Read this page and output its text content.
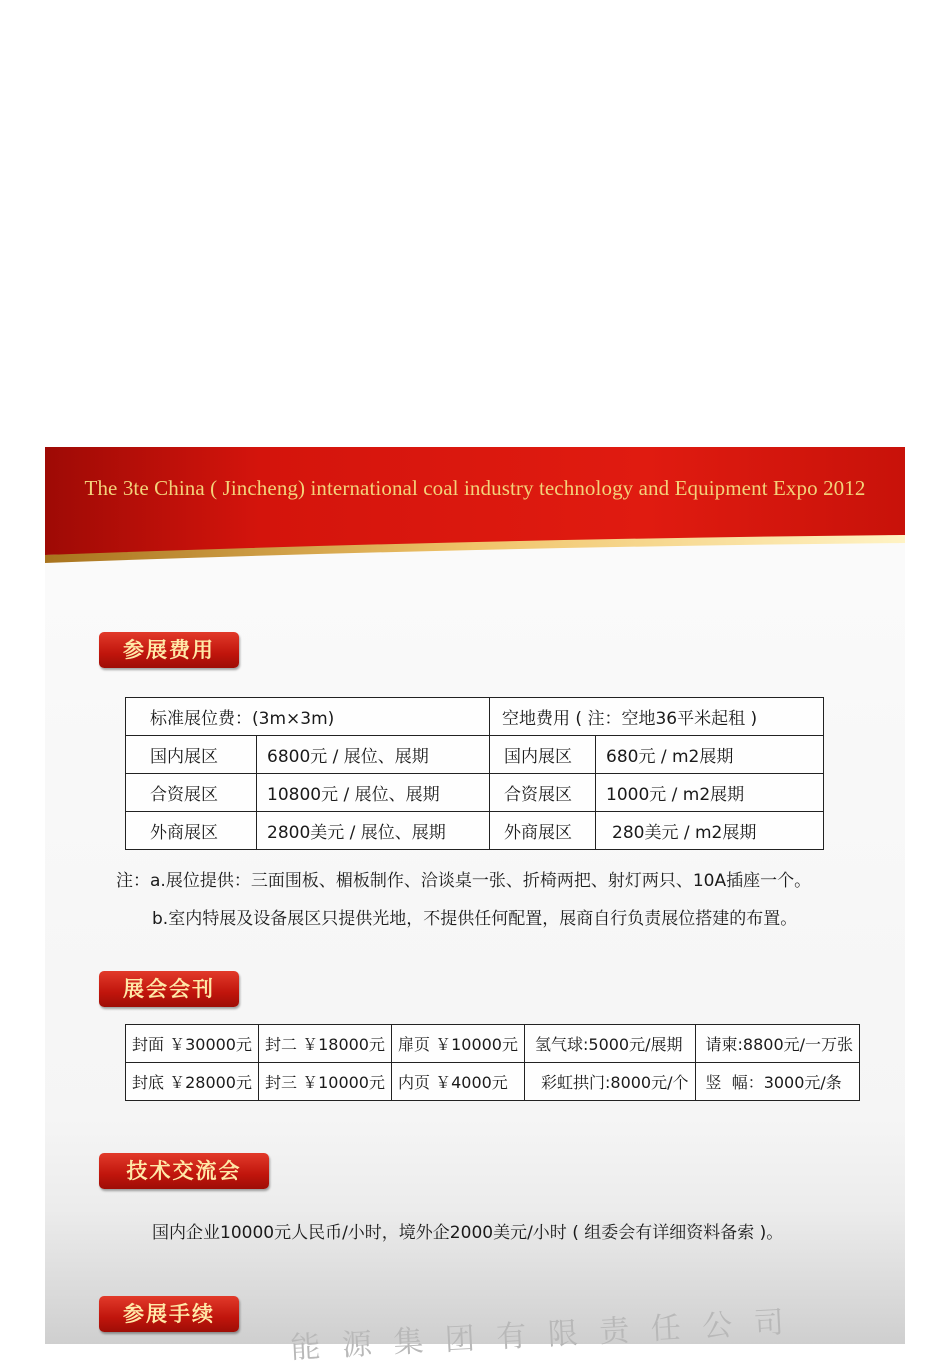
The 3te China ( Jincheng) international coal industry technology and Equipment Expo 2012
参展费用
标准展位费：(3m×3m)		空地费用 ( 注：空地36平米起租 )	
国内展区	6800元 / 展位、展期	国内展区	680元 / m2展期
合资展区	10800元 / 展位、展期	合资展区	1000元 / m2展期
外商展区	2800美元 / 展位、展期	外商展区	280美元 / m2展期
注：a.展位提供：三面围板、楣板制作、洽谈桌一张、折椅两把、射灯两只、10A插座一个。
b.室内特展及设备展区只提供光地，不提供任何配置，展商自行负责展位搭建的布置。
展会会刊
封面 ￥30000元	封二 ￥18000元	扉页 ￥10000元	氢气球:5000元/展期	请柬:8800元/一万张
封底 ￥28000元	封三 ￥10000元	内页 ￥4000元	彩虹拱门:8000元/个	竖  幅：3000元/条
技术交流会
国内企业10000元人民币/小时，境外企2000美元/小时 ( 组委会有详细资料备索 )。
能 源 集 团 有 限 责 任 公 司
参展手续
